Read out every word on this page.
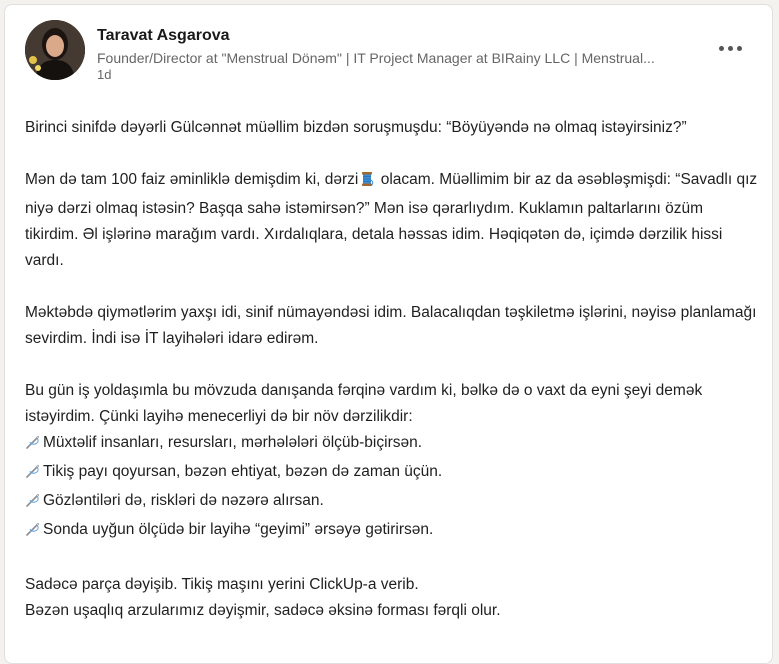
Taravat Asgarova
Founder/Director at "Menstrual Dönəm" | IT Project Manager at BIRainy LLC | Menstrual...
1d

Birinci sinifdə dəyərli Gülcənnət müəllim bizdən soruşmuşdu: “Böyüyəndə nə olmaq istəyirsiniz?”

Mən də tam 100 faiz əminliklə demişdim ki, dərzi olacam. Müəllimim bir az da əsəbləşmişdi: “Savadlı qız niyə dərzi olmaq istəsin? Başqa sahə istəmirsən?” Mən isə qərarlıydım. Kuklamın paltarlarını özüm tikirdim. Əl işlərinə marağım vardı. Xırdalıqlara, detala həssas idim. Həqiqətən də, içimdə dərzilik hissi vardı.

Məktəbdə qiymətlərim yaxşı idi, sinif nümayəndəsi idim. Balacalıqdan təşkiletmə işlərini, nəyisə planlamağı sevirdim. İndi isə İT layihələri idarə edirəm.

Bu gün iş yoldaşımla bu mövzuda danışanda fərqinə vardım ki, bəlkə də o vaxt da eyni şeyi demək istəyirdim. Çünki layihə menecerliyi də bir növ dərzilikdir:
Müxtəlif insanları, resursları, mərhələləri ölçüb-biçirsən.
Tikiş payı qoyursan, bəzən ehtiyat, bəzən də zaman üçün.
Gözləntiləri də, riskləri də nəzərə alırsan.
Sonda uyğun ölçüdə bir layihə “geyimi” ərsəyə gətirirsən.

Sadəcə parça dəyişib. Tikiş maşını yerini ClickUp-a verib.
Bəzən uşaqlıq arzularımız dəyişmir, sadəcə əksinə forması fərqli olur.
